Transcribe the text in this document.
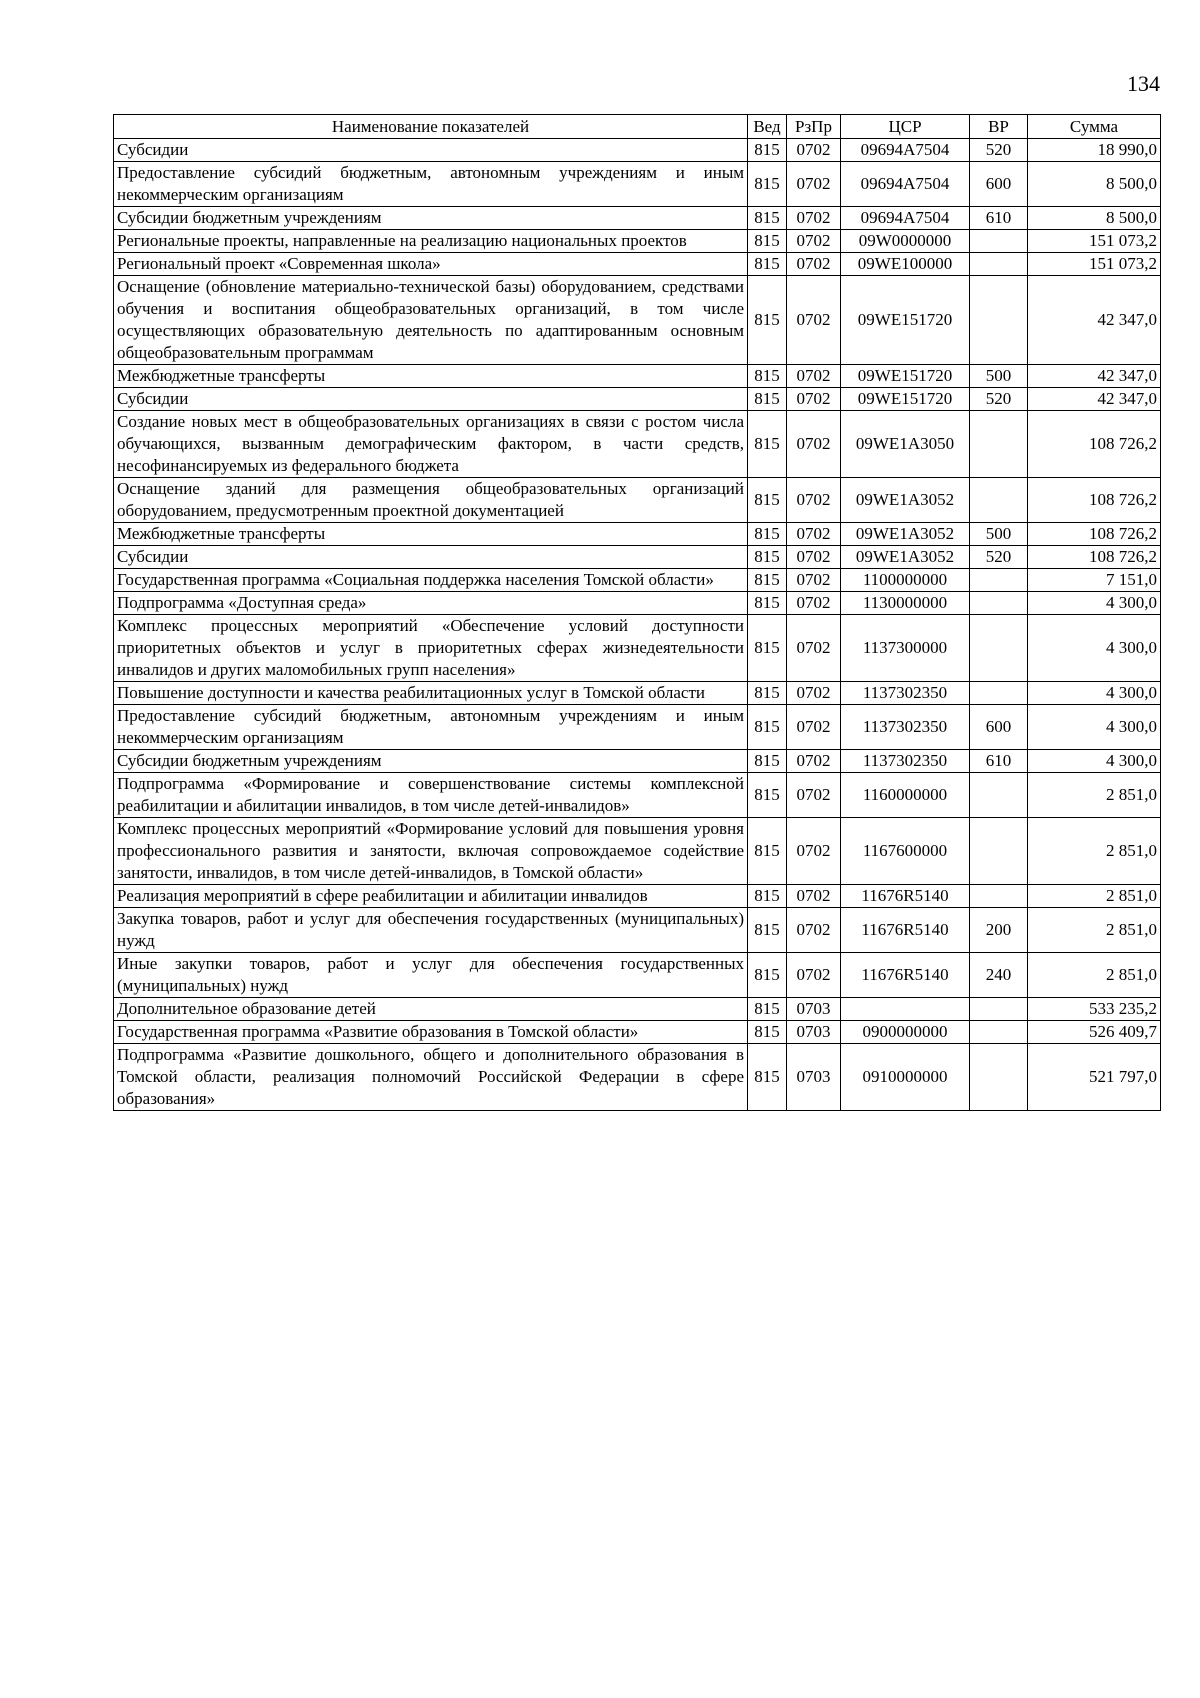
134
Наименование показателей	Вед	РзПр	ЦСР	ВР	Сумма
Субсидии	815	0702	09694A7504	520	18 990,0
Предоставление субсидий бюджетным, автономным учреждениям и иным некоммерческим организациям	815	0702	09694A7504	600	8 500,0
Субсидии бюджетным учреждениям	815	0702	09694A7504	610	8 500,0
Региональные проекты, направленные на реализацию национальных проектов	815	0702	09W0000000		151 073,2
Региональный проект «Современная школа»	815	0702	09WE100000		151 073,2
Оснащение (обновление материально-технической базы) оборудованием, средствами обучения и воспитания общеобразовательных организаций, в том числе осуществляющих образовательную деятельность по адаптированным основным общеобразовательным программам	815	0702	09WE151720		42 347,0
Межбюджетные трансферты	815	0702	09WE151720	500	42 347,0
Субсидии	815	0702	09WE151720	520	42 347,0
Создание новых мест в общеобразовательных организациях в связи с ростом числа обучающихся, вызванным демографическим фактором, в части средств, несофинансируемых из федерального бюджета	815	0702	09WE1A3050		108 726,2
Оснащение зданий для размещения общеобразовательных организаций оборудованием, предусмотренным проектной документацией	815	0702	09WE1A3052		108 726,2
Межбюджетные трансферты	815	0702	09WE1A3052	500	108 726,2
Субсидии	815	0702	09WE1A3052	520	108 726,2
Государственная программа «Социальная поддержка населения Томской области»	815	0702	1100000000		7 151,0
Подпрограмма «Доступная среда»	815	0702	1130000000		4 300,0
Комплекс процессных мероприятий «Обеспечение условий доступности приоритетных объектов и услуг в приоритетных сферах жизнедеятельности инвалидов и других маломобильных групп населения»	815	0702	1137300000		4 300,0
Повышение доступности и качества реабилитационных услуг в Томской области	815	0702	1137302350		4 300,0
Предоставление субсидий бюджетным, автономным учреждениям и иным некоммерческим организациям	815	0702	1137302350	600	4 300,0
Субсидии бюджетным учреждениям	815	0702	1137302350	610	4 300,0
Подпрограмма «Формирование и совершенствование системы комплексной реабилитации и абилитации инвалидов, в том числе детей-инвалидов»	815	0702	1160000000		2 851,0
Комплекс процессных мероприятий «Формирование условий для повышения уровня профессионального развития и занятости, включая сопровождаемое содействие занятости, инвалидов, в том числе детей-инвалидов, в Томской области»	815	0702	1167600000		2 851,0
Реализация мероприятий в сфере реабилитации и абилитации инвалидов	815	0702	11676R5140		2 851,0
Закупка товаров, работ и услуг для обеспечения государственных (муниципальных) нужд	815	0702	11676R5140	200	2 851,0
Иные закупки товаров, работ и услуг для обеспечения государственных (муниципальных) нужд	815	0702	11676R5140	240	2 851,0
Дополнительное образование детей	815	0703			533 235,2
Государственная программа «Развитие образования в Томской области»	815	0703	0900000000		526 409,7
Подпрограмма «Развитие дошкольного, общего и дополнительного образования в Томской области, реализация полномочий Российской Федерации в сфере образования»	815	0703	0910000000		521 797,0
